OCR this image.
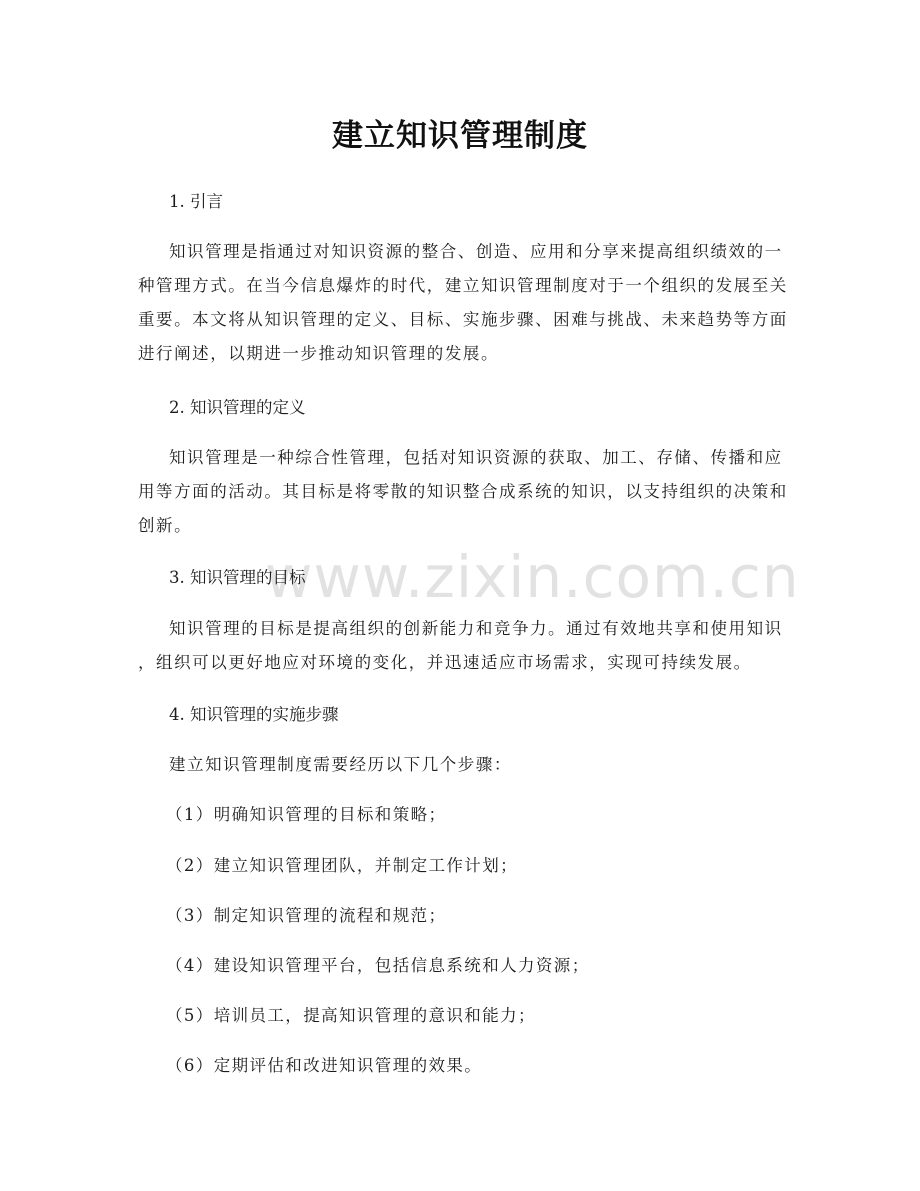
建立知识管理制度
www.zixin.com.cn

1. 引言

知识管理是指通过对知识资源的整合、创造、应用和分享来提高组织绩效的一

种管理方式。在当今信息爆炸的时代，建立知识管理制度对于一个组织的发展至关

重要。本文将从知识管理的定义、目标、实施步骤、困难与挑战、未来趋势等方面

进行阐述，以期进一步推动知识管理的发展。

2. 知识管理的定义

知识管理是一种综合性管理，包括对知识资源的获取、加工、存储、传播和应

用等方面的活动。其目标是将零散的知识整合成系统的知识，以支持组织的决策和

创新。

3. 知识管理的目标

知识管理的目标是提高组织的创新能力和竞争力。通过有效地共享和使用知识

，组织可以更好地应对环境的变化，并迅速适应市场需求，实现可持续发展。

4. 知识管理的实施步骤

建立知识管理制度需要经历以下几个步骤：

（1）明确知识管理的目标和策略；

（2）建立知识管理团队，并制定工作计划；

（3）制定知识管理的流程和规范；

（4）建设知识管理平台，包括信息系统和人力资源；

（5）培训员工，提高知识管理的意识和能力；

（6）定期评估和改进知识管理的效果。
